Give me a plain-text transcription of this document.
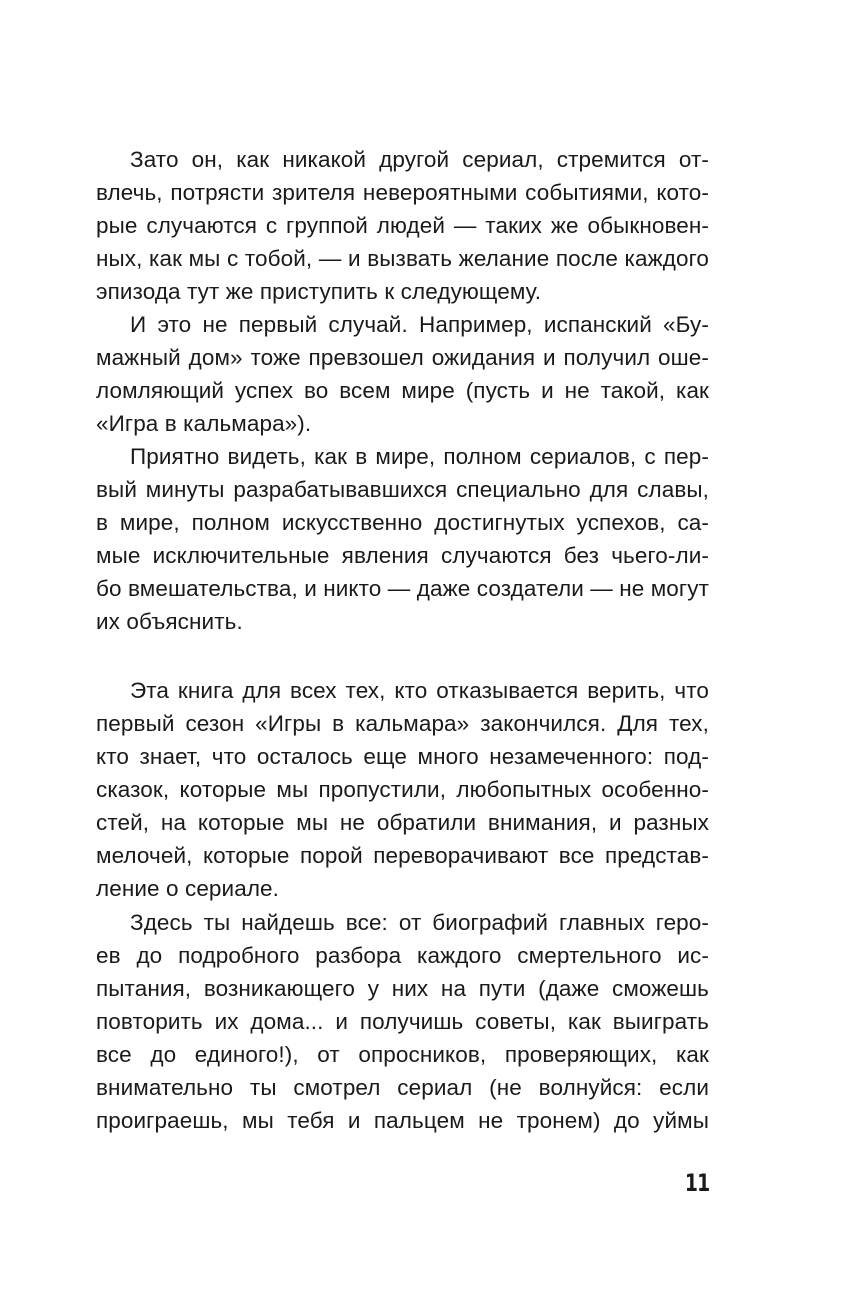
Зато он, как никакой другой сериал, стремится от-
влечь, потрясти зрителя невероятными событиями, кото-
рые случаются с группой людей — таких же обыкновен-
ных, как мы с тобой, — и вызвать желание после каждого
эпизода тут же приступить к следующему.
И это не первый случай. Например, испанский «Бу-
мажный дом» тоже превзошел ожидания и получил оше-
ломляющий успех во всем мире (пусть и не такой, как
«Игра в кальмара»).
Приятно видеть, как в мире, полном сериалов, с пер-
вый минуты разрабатывавшихся специально для славы,
в мире, полном искусственно достигнутых успехов, са-
мые исключительные явления случаются без чьего-ли-
бо вмешательства, и никто — даже создатели — не могут
их объяснить.
Эта книга для всех тех, кто отказывается верить, что
первый сезон «Игры в кальмара» закончился. Для тех,
кто знает, что осталось еще много незамеченного: под-
сказок, которые мы пропустили, любопытных особенно-
стей, на которые мы не обратили внимания, и разных
мелочей, которые порой переворачивают все представ-
ление о сериале.
Здесь ты найдешь все: от биографий главных геро-
ев до подробного разбора каждого смертельного ис-
пытания, возникающего у них на пути (даже сможешь
повторить их дома... и получишь советы, как выиграть
все до единого!), от опросников, проверяющих, как
внимательно ты смотрел сериал (не волнуйся: если
проиграешь, мы тебя и пальцем не тронем) до уймы
11
